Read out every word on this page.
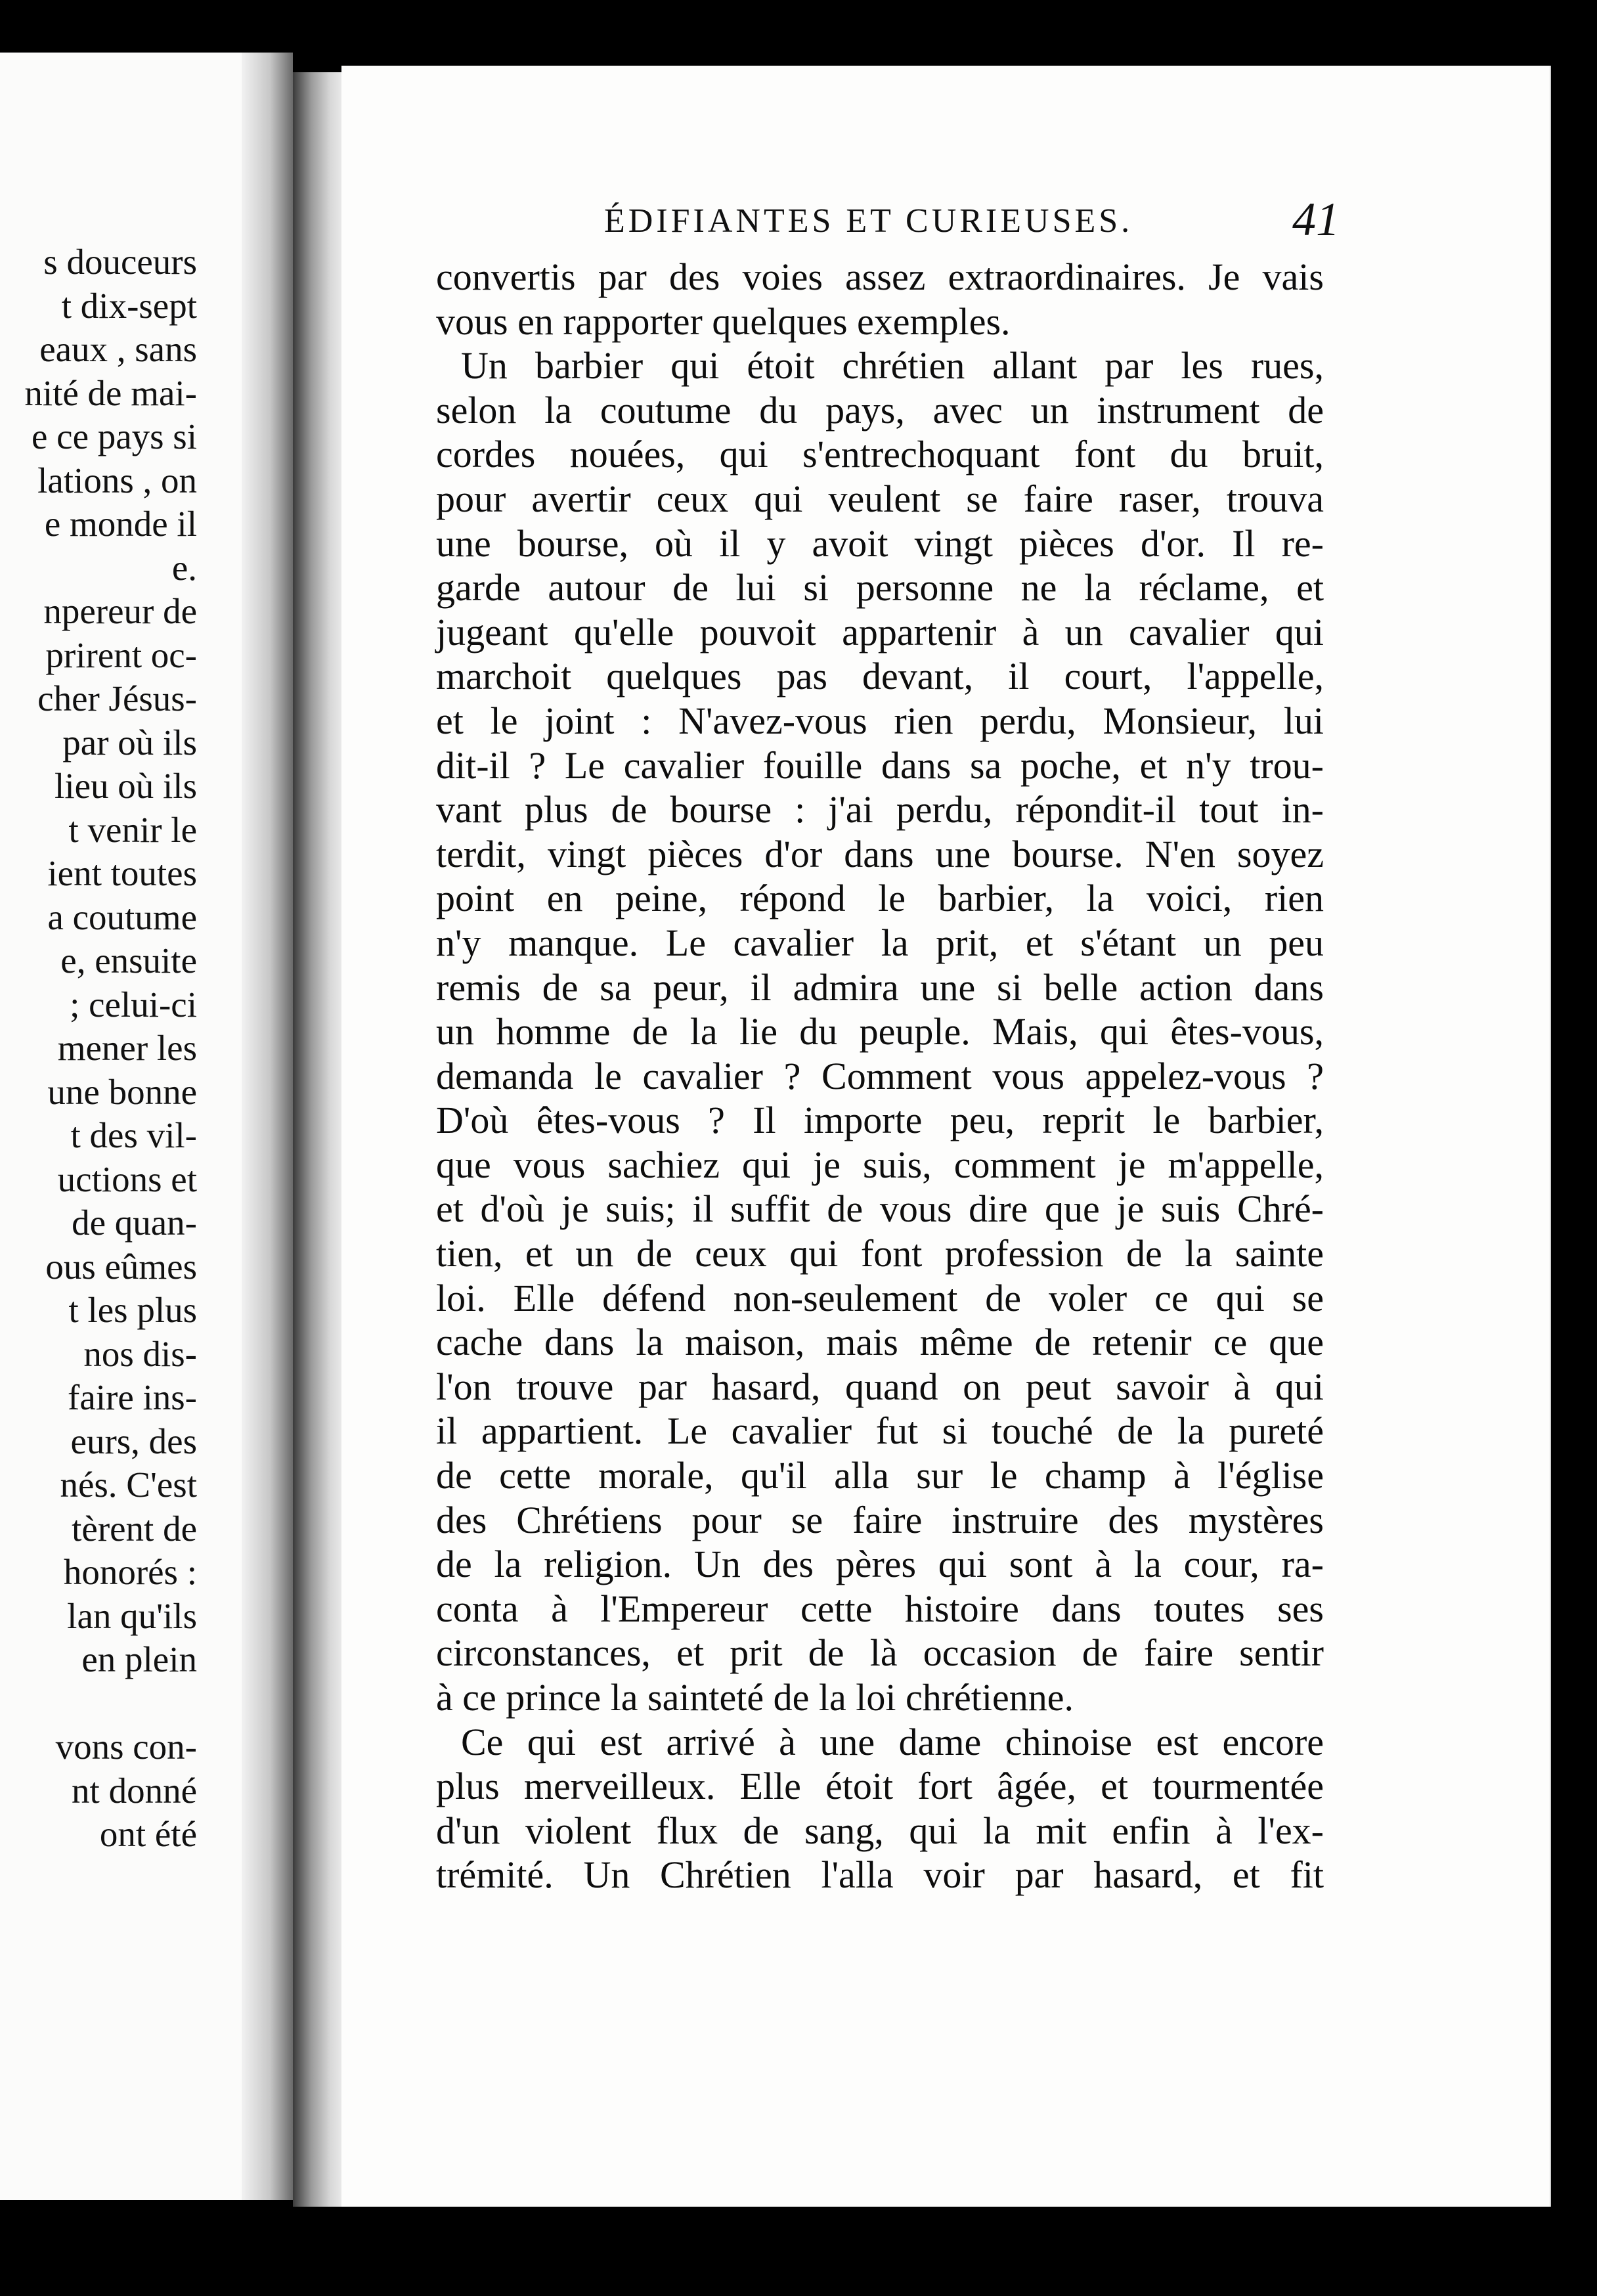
s douceurs
t dix-sept
eaux , sans
nité de mai-
e ce pays si
lations , on
e monde il
e.
npereur de
prirent oc-
cher Jésus-
par où ils
lieu où ils
t venir le
ient toutes
a coutume
e, ensuite
; celui-ci
mener les
une bonne
t des vil-
uctions et
de quan-
ous eûmes
t les plus
nos dis-
faire ins-
eurs, des
nés. C'est
tèrent de
honorés :
lan qu'ils
en plein

vons con-
nt donné
ont été
ÉDIFIANTES ET CURIEUSES.	41
convertis par des voies assez extraordinaires. Je vais
vous en rapporter quelques exemples.
Un barbier qui étoit chrétien allant par les rues,
selon la coutume du pays, avec un instrument de
cordes nouées, qui s'entrechoquant font du bruit,
pour avertir ceux qui veulent se faire raser, trouva
une bourse, où il y avoit vingt pièces d'or. Il re-
garde autour de lui si personne ne la réclame, et
jugeant qu'elle pouvoit appartenir à un cavalier qui
marchoit quelques pas devant, il court, l'appelle,
et le joint : N'avez-vous rien perdu, Monsieur, lui
dit-il ? Le cavalier fouille dans sa poche, et n'y trou-
vant plus de bourse : j'ai perdu, répondit-il tout in-
terdit, vingt pièces d'or dans une bourse. N'en soyez
point en peine, répond le barbier, la voici, rien
n'y manque. Le cavalier la prit, et s'étant un peu
remis de sa peur, il admira une si belle action dans
un homme de la lie du peuple. Mais, qui êtes-vous,
demanda le cavalier ? Comment vous appelez-vous ?
D'où êtes-vous ? Il importe peu, reprit le barbier,
que vous sachiez qui je suis, comment je m'appelle,
et d'où je suis; il suffit de vous dire que je suis Chré-
tien, et un de ceux qui font profession de la sainte
loi. Elle défend non-seulement de voler ce qui se
cache dans la maison, mais même de retenir ce que
l'on trouve par hasard, quand on peut savoir à qui
il appartient. Le cavalier fut si touché de la pureté
de cette morale, qu'il alla sur le champ à l'église
des Chrétiens pour se faire instruire des mystères
de la religion. Un des pères qui sont à la cour, ra-
conta à l'Empereur cette histoire dans toutes ses
circonstances, et prit de là occasion de faire sentir
à ce prince la sainteté de la loi chrétienne.
Ce qui est arrivé à une dame chinoise est encore
plus merveilleux. Elle étoit fort âgée, et tourmentée
d'un violent flux de sang, qui la mit enfin à l'ex-
trémité. Un Chrétien l'alla voir par hasard, et fit
